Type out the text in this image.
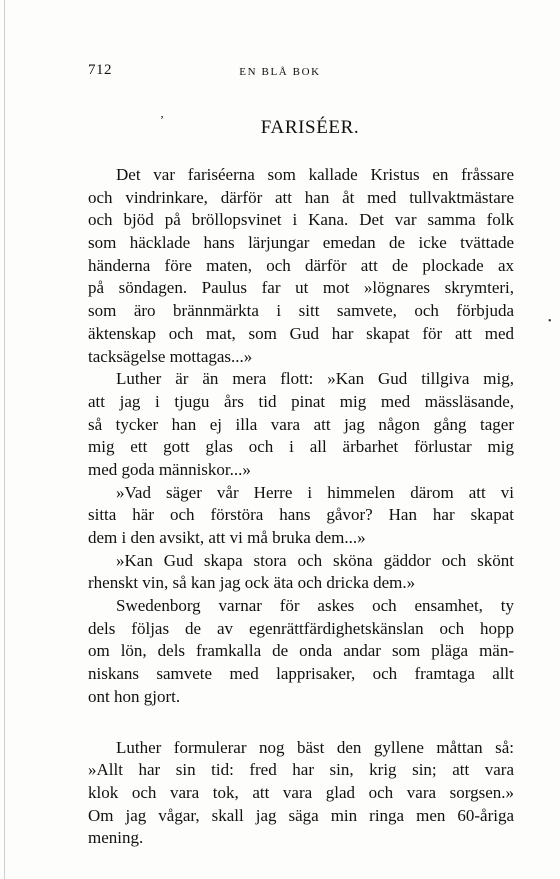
712	EN BLÅ BOK
ʼ	FARISÉER.
Det var fariséerna som kallade Kristus en fråssare
och vindrinkare, därför att han åt med tullvaktmästare
och bjöd på bröllopsvinet i Kana. Det var samma folk
som häcklade hans lärjungar emedan de icke tvättade
händerna före maten, och därför att de plockade ax
på söndagen. Paulus far ut mot »lögnares skrymteri,
som äro brännmärkta i sitt samvete, och förbjuda
äktenskap och mat, som Gud har skapat för att med
tacksägelse mottagas...»
Luther är än mera flott: »Kan Gud tillgiva mig,
att jag i tjugu års tid pinat mig med mässläsande,
så tycker han ej illa vara att jag någon gång tager
mig ett gott glas och i all ärbarhet förlustar mig
med goda människor...»
»Vad säger vår Herre i himmelen därom att vi
sitta här och förstöra hans gåvor? Han har skapat
dem i den avsikt, att vi må bruka dem...»
»Kan Gud skapa stora och sköna gäddor och skönt
rhenskt vin, så kan jag ock äta och dricka dem.»
Swedenborg varnar för askes och ensamhet, ty
dels följas de av egenrättfärdighetskänslan och hopp
om lön, dels framkalla de onda andar som pläga män-
niskans samvete med lapprisaker, och framtaga allt
ont hon gjort.
Luther formulerar nog bäst den gyllene måttan så:
»Allt har sin tid: fred har sin, krig sin; att vara
klok och vara tok, att vara glad och vara sorgsen.»
Om jag vågar, skall jag säga min ringa men 60-åriga
mening.
•
